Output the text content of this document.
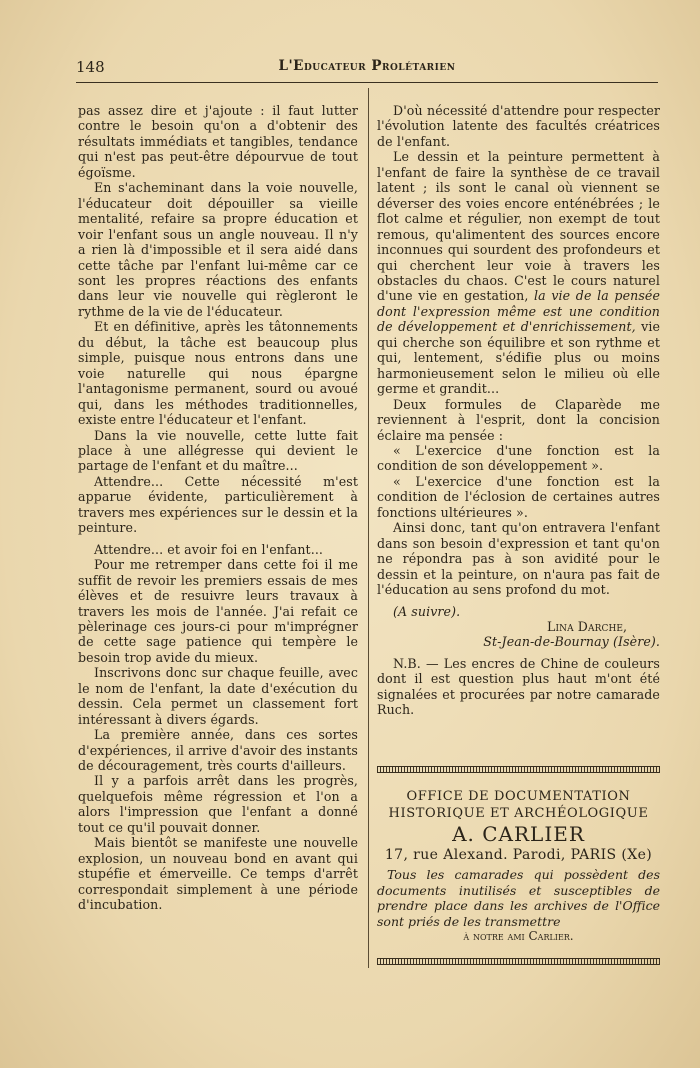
148	L'Educateur Prolétarien

pas assez dire et j'ajoute : il faut lutter contre le besoin qu'on a d'obtenir des résultats immédiats et tangibles, tendance qui n'est pas peut-être dépourvue de tout égoïsme.

En s'acheminant dans la voie nouvelle, l'éducateur doit dépouiller sa vieille mentalité, refaire sa propre éducation et voir l'enfant sous un angle nouveau. Il n'y a rien là d'impossible et il sera aidé dans cette tâche par l'enfant lui-même car ce sont les propres réactions des enfants dans leur vie nouvelle qui règleront le rythme de la vie de l'éducateur.

Et en définitive, après les tâtonnements du début, la tâche est beaucoup plus simple, puisque nous entrons dans une voie naturelle qui nous épargne l'antagonisme permanent, sourd ou avoué qui, dans les méthodes traditionnelles, existe entre l'éducateur et l'enfant.

Dans la vie nouvelle, cette lutte fait place à une allégresse qui devient le partage de l'enfant et du maître...

Attendre... Cette nécessité m'est apparue évidente, particulièrement à travers mes expériences sur le dessin et la peinture.

Attendre... et avoir foi en l'enfant...

Pour me retremper dans cette foi il me suffit de revoir les premiers essais de mes élèves et de resuivre leurs travaux à travers les mois de l'année. J'ai refait ce pèlerinage ces jours-ci pour m'imprégner de cette sage patience qui tempère le besoin trop avide du mieux.

Inscrivons donc sur chaque feuille, avec le nom de l'enfant, la date d'exécution du dessin. Cela permet un classement fort intéressant à divers égards.

La première année, dans ces sortes d'expériences, il arrive d'avoir des instants de découragement, très courts d'ailleurs.

Il y a parfois arrêt dans les progrès, quelquefois même régression et l'on a alors l'impression que l'enfant a donné tout ce qu'il pouvait donner.

Mais bientôt se manifeste une nouvelle explosion, un nouveau bond en avant qui stupéfie et émerveille. Ce temps d'arrêt correspondait simplement à une période d'incubation.

D'où nécessité d'attendre pour respecter l'évolution latente des facultés créatrices de l'enfant.

Le dessin et la peinture permettent à l'enfant de faire la synthèse de ce travail latent ; ils sont le canal où viennent se déverser des voies encore enténébrées ; le flot calme et régulier, non exempt de tout remous, qu'alimentent des sources encore inconnues qui sourdent des profondeurs et qui cherchent leur voie à travers les obstacles du chaos. C'est le cours naturel d'une vie en gestation, la vie de la pensée dont l'expression même est une condition de développement et d'enrichissement, vie qui cherche son équilibre et son rythme et qui, lentement, s'édifie plus ou moins harmonieusement selon le milieu où elle germe et grandit...

Deux formules de Claparède me reviennent à l'esprit, dont la concision éclaire ma pensée :

« L'exercice d'une fonction est la condition de son développement ».

« L'exercice d'une fonction est la condition de l'éclosion de certaines autres fonctions ultérieures ».

Ainsi donc, tant qu'on entravera l'enfant dans son besoin d'expression et tant qu'on ne répondra pas à son avidité pour le dessin et la peinture, on n'aura pas fait de l'éducation au sens profond du mot.

(A suivre).

Lina Darche,

St-Jean-de-Bournay (Isère).

N.B. — Les encres de Chine de couleurs dont il est question plus haut m'ont été signalées et procurées par notre camarade Ruch.

OFFICE DE DOCUMENTATION
HISTORIQUE ET ARCHÉOLOGIQUE
A. CARLIER
17, rue Alexand. Parodi, PARIS (Xe)
Tous les camarades qui possèdent des documents inutilisés et susceptibles de prendre place dans les archives de l'Office sont priés de les transmettre
à notre ami Carlier.
